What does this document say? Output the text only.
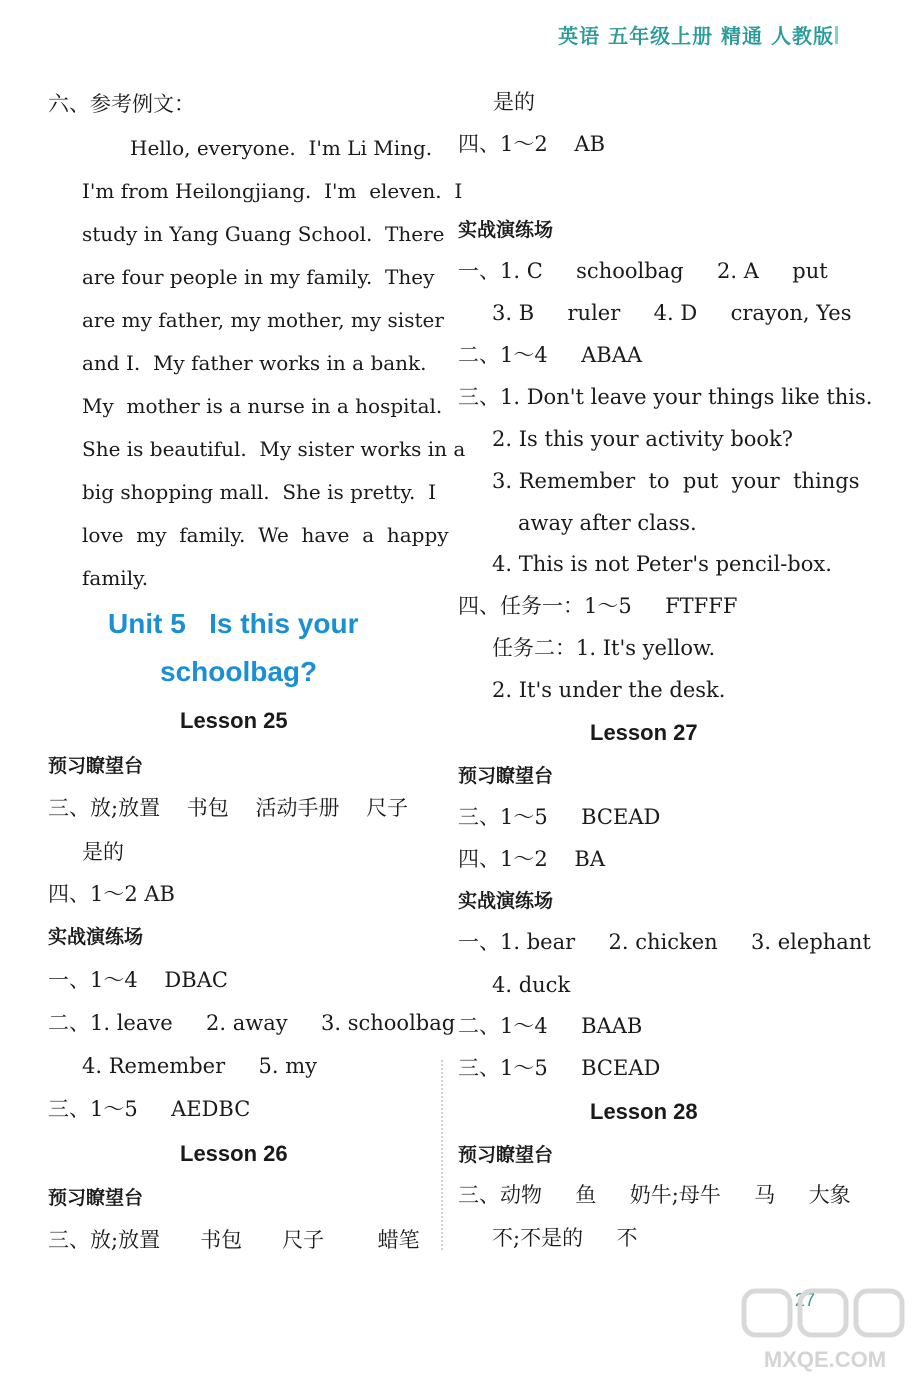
英语 五年级上册 精通 人教版
六、参考例文：
Hello, everyone.  I'm Li Ming.
I'm from Heilongjiang.  I'm  eleven.  I
study in Yang Guang School.  There
are four people in my family.  They
are my father, my mother, my sister
and I.  My father works in a bank.
My  mother is a nurse in a hospital.
She is beautiful.  My sister works in a
big shopping mall.  She is pretty.  I
love  my  family.  We  have  a  happy
family.
Unit 5   Is this your
schoolbag?
Lesson 25
预习瞭望台
三、放;放置    书包    活动手册    尺子
是的
四、1～2 AB
实战演练场
一、1～4    DBAC
二、1. leave     2. away     3. schoolbag
4. Remember     5. my
三、1～5     AEDBC
Lesson 26
预习瞭望台
三、放;放置      书包      尺子        蜡笔
是的
四、1～2    AB
实战演练场
一、1. C     schoolbag     2. A     put
3. B     ruler     4. D     crayon, Yes
二、1～4     ABAA
三、1. Don't leave your things like this.
2. Is this your activity book?
3. Remember  to  put  your  things
away after class.
4. This is not Peter's pencil-box.
四、任务一：1～5     FTFFF
任务二：1. It's yellow.
2. It's under the desk.
Lesson 27
预习瞭望台
三、1～5     BCEAD
四、1～2    BA
实战演练场
一、1. bear     2. chicken     3. elephant
4. duck
二、1～4     BAAB
三、1～5     BCEAD
Lesson 28
预习瞭望台
三、动物     鱼     奶牛;母牛     马     大象
不;不是的     不
27
MXQE.COM
